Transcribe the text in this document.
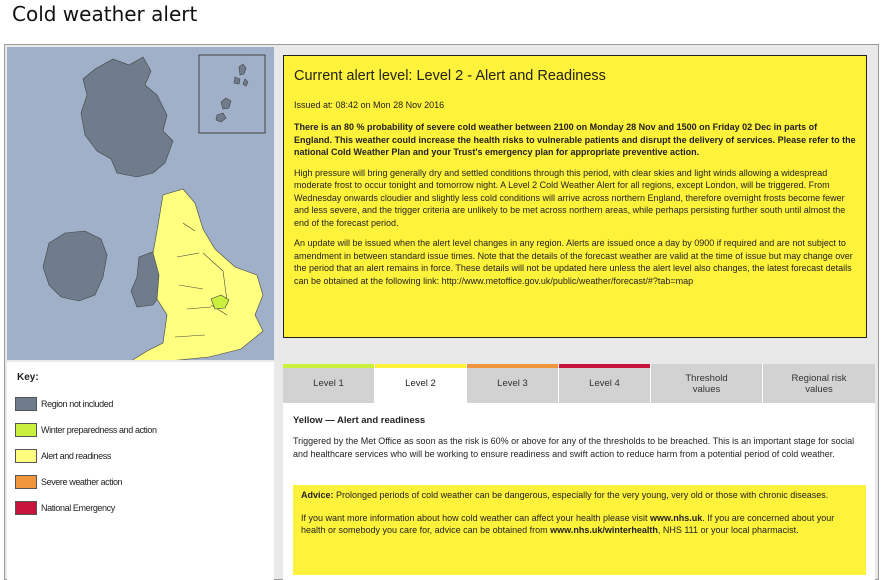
Cold weather alert
Key:
Region not included
Winter preparedness and action
Alert and readiness
Severe weather action
National Emergency

Current alert level: Level 2 - Alert and Readiness

Issued at: 08:42 on Mon 28 Nov 2016

There is an 80 % probability of severe cold weather between 2100 on Monday 28 Nov and 1500 on Friday 02 Dec in parts of England. This weather could increase the health risks to vulnerable patients and disrupt the delivery of services. Please refer to the national Cold Weather Plan and your Trust's emergency plan for appropriate preventive action.

High pressure will bring generally dry and settled conditions through this period, with clear skies and light winds allowing a widespread moderate frost to occur tonight and tomorrow night. A Level 2 Cold Weather Alert for all regions, except London, will be triggered. From Wednesday onwards cloudier and slightly less cold conditions will arrive across northern England, therefore overnight frosts become fewer and less severe, and the trigger criteria are unlikely to be met across northern areas, while perhaps persisting further south until almost the end of the forecast period.

An update will be issued when the alert level changes in any region. Alerts are issued once a day by 0900 if required and are not subject to amendment in between standard issue times. Note that the details of the forecast weather are valid at the time of issue but may change over the period that an alert remains in force. These details will not be updated here unless the alert level also changes, the latest forecast details can be obtained at the following link: http://www.metoffice.gov.uk/public/weather/forecast/#?tab=map

Level 1	Level 2	Level 3	Level 4	Threshold values
Regional risk values
Yellow — Alert and readiness
Triggered by the Met Office as soon as the risk is 60% or above for any of the thresholds to be breached. This is an important stage for social and healthcare services who will be working to ensure readiness and swift action to reduce harm from a potential period of cold weather.

Advice: Prolonged periods of cold weather can be dangerous, especially for the very young, very old or those with chronic diseases.

If you want more information about how cold weather can affect your health please visit www.nhs.uk. If you are concerned about your health or somebody you care for, advice can be obtained from www.nhs.uk/winterhealth, NHS 111 or your local pharmacist.
